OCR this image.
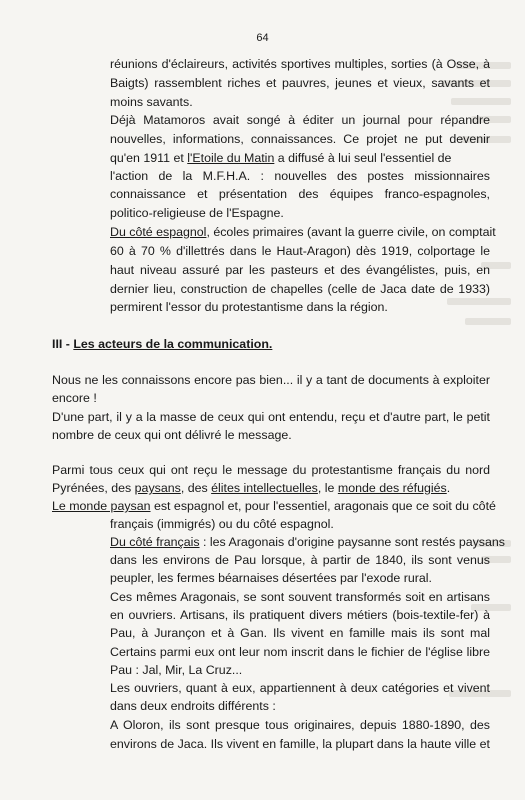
64
réunions d'éclaireurs, activités sportives multiples, sorties (à Osse, à
Baigts) rassemblent riches et pauvres, jeunes et vieux, savants et
moins savants.
Déjà Matamoros avait songé à éditer un journal pour répandre
nouvelles, informations, connaissances. Ce projet ne put devenir
qu'en 1911 et l'Etoile du Matin a diffusé à lui seul l'essentiel de
l'action de la M.F.H.A. : nouvelles des postes missionnaires
connaissance et présentation des équipes franco-espagnoles,
politico-religieuse de l'Espagne.
Du côté espagnol, écoles primaires (avant la guerre civile, on comptait
60 à 70 % d'illettrés dans le Haut-Aragon) dès 1919, colportage le
haut niveau assuré par les pasteurs et des évangélistes, puis, en
dernier lieu, construction de chapelles (celle de Jaca date de 1933)
permirent l'essor du protestantisme dans la région.
III - Les acteurs de la communication.
Nous ne les connaissons encore pas bien... il y a tant de documents à exploiter
encore !
D'une part, il y a la masse de ceux qui ont entendu, reçu et d'autre part, le petit
nombre de ceux qui ont délivré le message.
Parmi tous ceux qui ont reçu le message du protestantisme français du nord
Pyrénées, des paysans, des élites intellectuelles, le monde des réfugiés.
Le monde paysan est espagnol et, pour l'essentiel, aragonais que ce soit du côté
français (immigrés) ou du côté espagnol.
Du côté français : les Aragonais d'origine paysanne sont restés paysans
dans les environs de Pau lorsque, à partir de 1840, ils sont venus
peupler, les fermes béarnaises désertées par l'exode rural.
Ces mêmes Aragonais, se sont souvent transformés soit en artisans
en ouvriers. Artisans, ils pratiquent divers métiers (bois-textile-fer) à
Pau, à Jurançon et à Gan. Ils vivent en famille mais ils sont mal
Certains parmi eux ont leur nom inscrit dans le fichier de l'église libre
Pau : Jal, Mir, La Cruz...
Les ouvriers, quant à eux, appartiennent à deux catégories et vivent
dans deux endroits différents :
A Oloron, ils sont presque tous originaires, depuis 1880-1890, des
environs de Jaca. Ils vivent en famille, la plupart dans la haute ville et
